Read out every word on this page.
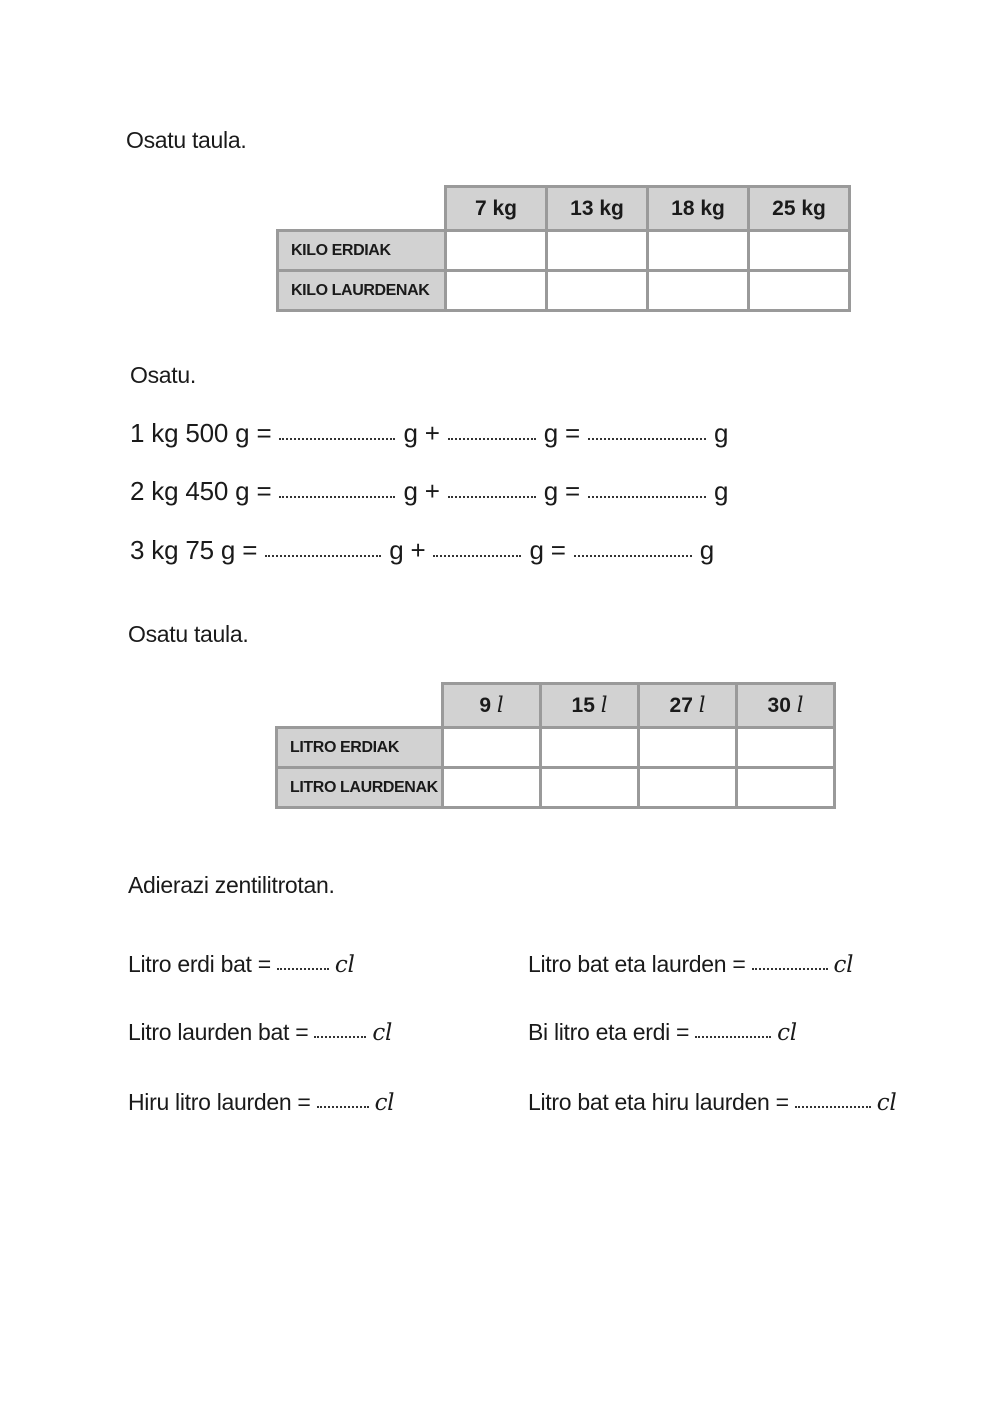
Osatu taula.
	7 kg	13 kg	18 kg	25 kg
KILO ERDIAK				
KILO LAURDENAK				
Osatu.
1 kg 500 g =	g +	g =	g
2 kg 450 g =	g +	g =	g
3 kg 75 g =	g +	g =	g
Osatu taula.
	9 l	15 l	27 l	30 l
LITRO ERDIAK				
LITRO LAURDENAK				
Adierazi zentilitrotan.
Litro erdi bat =	cl
Litro laurden bat =	cl
Hiru litro laurden =	cl
Litro bat eta laurden =	cl
Bi litro eta erdi =	cl
Litro bat eta hiru laurden =	cl
